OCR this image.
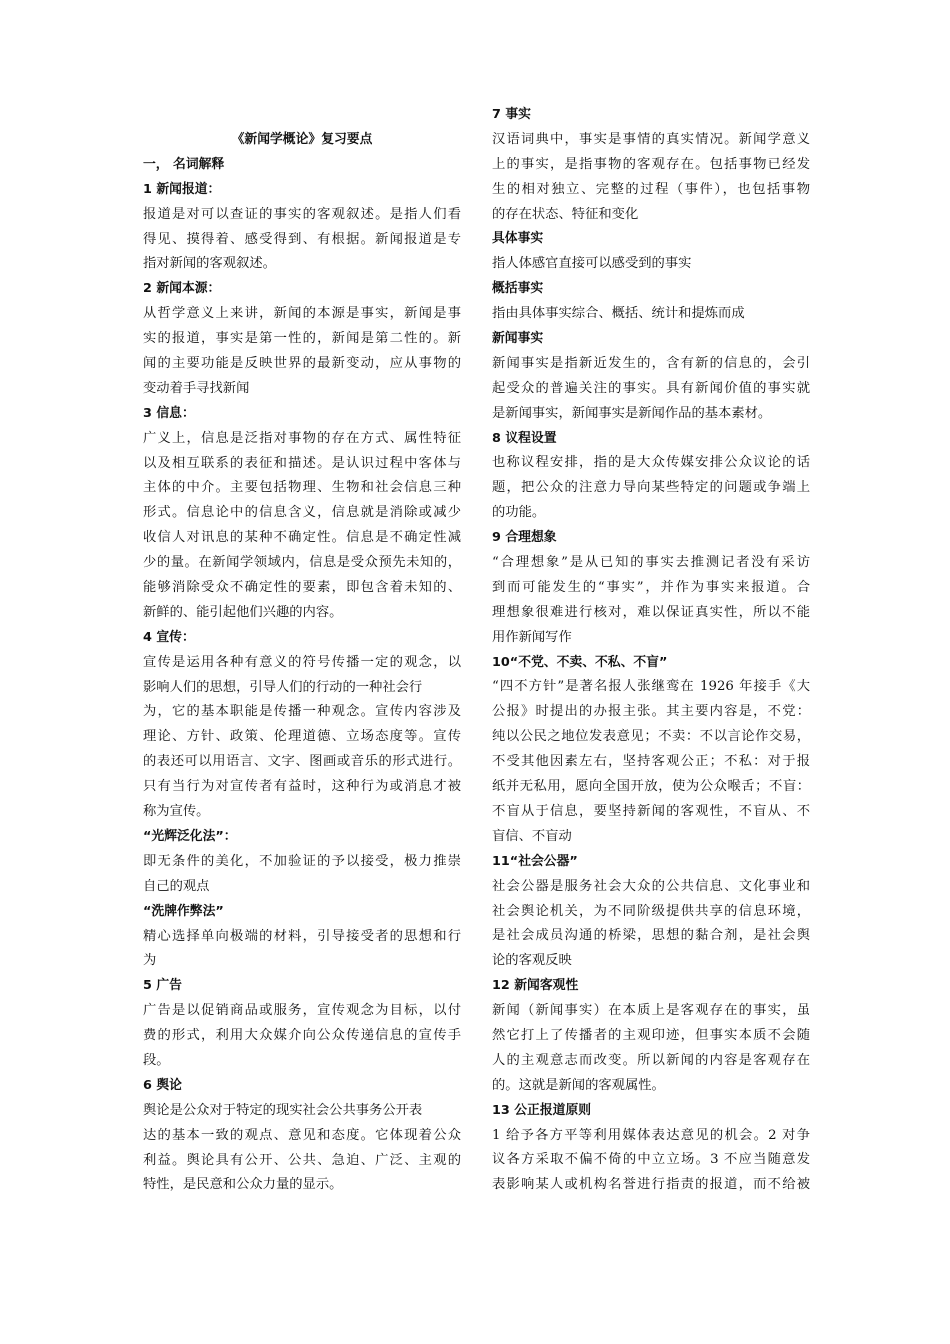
《新闻学概论》复习要点
一， 名词解释
1 新闻报道：
报道是对可以查证的事实的客观叙述。是指人们看
得见、摸得着、感受得到、有根据。新闻报道是专
指对新闻的客观叙述。
2 新闻本源：
从哲学意义上来讲，新闻的本源是事实，新闻是事
实的报道，事实是第一性的，新闻是第二性的。新
闻的主要功能是反映世界的最新变动，应从事物的
变动着手寻找新闻
3 信息：
广义上，信息是泛指对事物的存在方式、属性特征
以及相互联系的表征和描述。是认识过程中客体与
主体的中介。主要包括物理、生物和社会信息三种
形式。信息论中的信息含义，信息就是消除或减少
收信人对讯息的某种不确定性。信息是不确定性减
少的量。在新闻学领域内，信息是受众预先未知的，
能够消除受众不确定性的要素，即包含着未知的、
新鲜的、能引起他们兴趣的内容。
4 宣传：
宣传是运用各种有意义的符号传播一定的观念，以
影响人们的思想，引导人们的行动的一种社会行
为，它的基本职能是传播一种观念。宣传内容涉及
理论、方针、政策、伦理道德、立场态度等。宣传
的表还可以用语言、文字、图画或音乐的形式进行。
只有当行为对宣传者有益时，这种行为或消息才被
称为宣传。
“光辉泛化法”：
即无条件的美化，不加验证的予以接受，极力推崇
自己的观点
“洗牌作弊法”
精心选择单向极端的材料，引导接受者的思想和行
为
5 广告
广告是以促销商品或服务，宣传观念为目标，以付
费的形式，利用大众媒介向公众传递信息的宣传手
段。
6 舆论
舆论是公众对于特定的现实社会公共事务公开表
达的基本一致的观点、意见和态度。它体现着公众
利益。舆论具有公开、公共、急迫、广泛、主观的
特性，是民意和公众力量的显示。
7 事实
汉语词典中，事实是事情的真实情况。新闻学意义
上的事实，是指事物的客观存在。包括事物已经发
生的相对独立、完整的过程（事件），也包括事物
的存在状态、特征和变化
具体事实
指人体感官直接可以感受到的事实
概括事实
指由具体事实综合、概括、统计和提炼而成
新闻事实
新闻事实是指新近发生的，含有新的信息的，会引
起受众的普遍关注的事实。具有新闻价值的事实就
是新闻事实，新闻事实是新闻作品的基本素材。
8 议程设置
也称议程安排，指的是大众传媒安排公众议论的话
题，把公众的注意力导向某些特定的问题或争端上
的功能。
9 合理想象
“合理想象”是从已知的事实去推测记者没有采访
到而可能发生的“事实”，并作为事实来报道。合
理想象很难进行核对，难以保证真实性，所以不能
用作新闻写作
10“不党、不卖、不私、不盲”
“四不方针”是著名报人张继鸾在 1926 年接手《大
公报》时提出的办报主张。其主要内容是，不党：
纯以公民之地位发表意见；不卖：不以言论作交易，
不受其他因素左右，坚持客观公正；不私：对于报
纸并无私用，愿向全国开放，使为公众喉舌；不盲：
不盲从于信息，要坚持新闻的客观性，不盲从、不
盲信、不盲动
11“社会公器”
社会公器是服务社会大众的公共信息、文化事业和
社会舆论机关，为不同阶级提供共享的信息环境，
是社会成员沟通的桥梁，思想的黏合剂，是社会舆
论的客观反映
12 新闻客观性
新闻（新闻事实）在本质上是客观存在的事实，虽
然它打上了传播者的主观印迹，但事实本质不会随
人的主观意志而改变。所以新闻的内容是客观存在
的。这就是新闻的客观属性。
13 公正报道原则
1 给予各方平等利用媒体表达意见的机会。2 对争
议各方采取不偏不倚的中立立场。3 不应当随意发
表影响某人或机构名誉进行指责的报道，而不给被
